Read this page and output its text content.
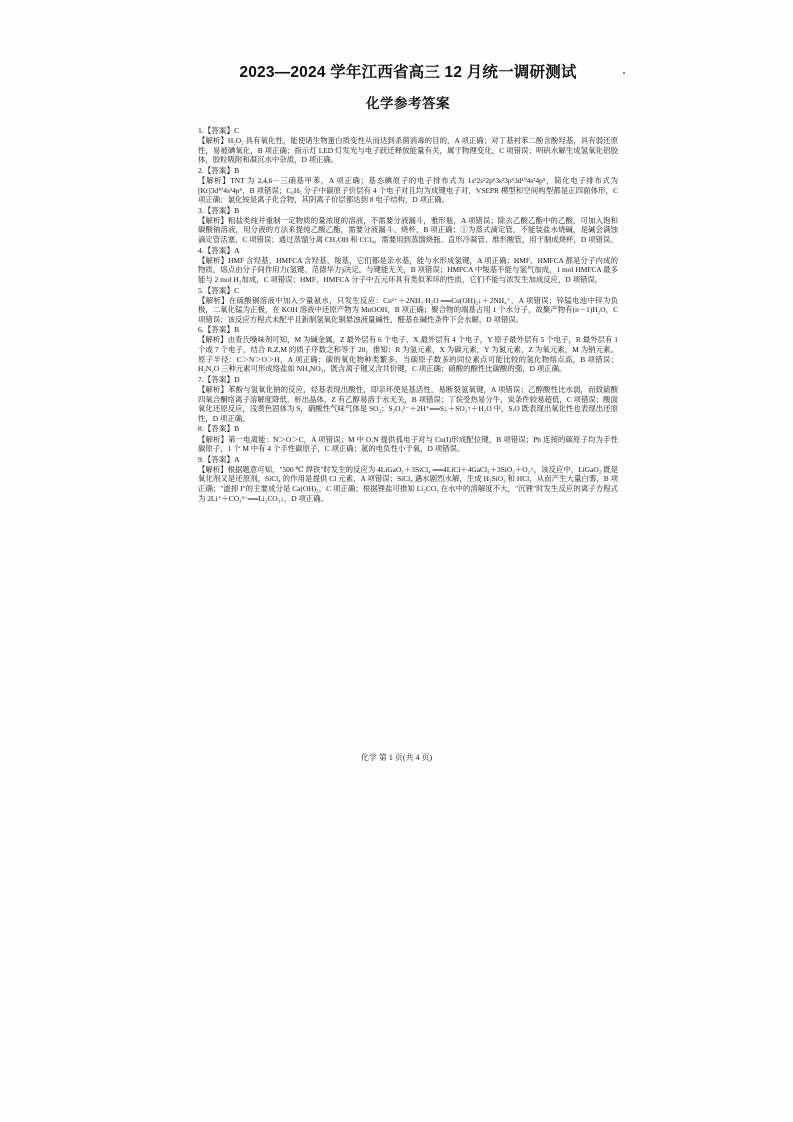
2023—2024 学年江西省高三 12 月统一调研测试
化学参考答案

1.【答案】C

【解析】H₂O₂ 具有氧化性，能使诸生物蛋白质变性从而达到杀菌消毒的目的，A 项正确；对丁基衬苯二酚含酚羟基，具有弱还原性，易被碘氧化，B 项正确；指示灯 LED 灯发光与电子跃迁释放能量有关，属于物理变化，C 项错误；明矾水解生成氢氧化铝胶体，胶粒吸附和凝沉水中杂质，D 项正确。

2.【答案】B

【解析】TNT 为 2,4,6－三硝基甲苯，A 项正确；基态碘原子的电子排布式为 1s²2s²2p⁶3s²3p⁶3d¹⁰4s²4p⁵，简化电子排布式为[Kr]3d¹⁰4s²4p⁵，B 项错误；C₆H₅ 分子中碳原子价层有 4 个电子对且均为成键电子对，VSEPR 模型和空间构型都是正四面体形，C 项正确；氯化铵是离子化合物，其阴离子价层都达到 8 电子结构，D 项正确。

3.【答案】B

【解析】粗盐类纯并重制一定物质的量浓度的溶液，不需要分液漏斗，雅形瓶，A 项错误；除去乙酸乙酯中的乙酸，可加入饱和碳酸钠溶液，用分液的方法来提纯乙酸乙酯，需要分液漏斗、烧杯，B 项正确；①为蒸式滴定管，不能装盐水烧碱，是碱会满蚀滴定管活塞，C 项错误；通过蒸馏分离 CH₃OH 和 CCl₄，需要用到蒸馏烧瓶、直形冷凝管、维形酸管，用于制成烧杯，D 项错误。

4.【答案】A

【解析】HMF 含羟基、HMFCA 含羟基、羧基，它们都是亲水基，能与水形成氢键，A 项正确；HMF、HMFCA 都是分子内成的物质，熔点由分子间作用力(氢键、范德华力)决定，与键能无关，B 项错误；HMFCA 中羧基不能与氢气加成，1 mol HMFCA 最多能与 2 mol H₂加成，C 项错误；HMF、HMFCA 分子中五元环具有类似苯环的性质，它们不能与浓发生加成反应，D 项错误。

5.【答案】C

【解析】在硫酸铜溶液中加入少量氨水，只发生反应：Cu²⁺＋2NH₃·H₂O ══Cu(OH)₂↓＋2NH₄⁺，A 项错误；锌锰电池中锌为负极，二氧化锰为正极，在 KOH 溶液中还原产物为 MnOOH，B 项正确；聚合物的端基占用 1 个水分子，故聚产物有(n－1)H₂O，C 项错误；该反应方程式未配平且新制氢氧化铜悬浊液量碱性，醛基在碱性条件下会水解，D 项错误。

6.【答案】B

【解析】由查氏噪味剂可知，M 为碱金属，Z 最外层有 6 个电子、X 最外层有 4 个电子，Y 原子最外层有 5 个电子，R 最外层有 1 个或 7 个电子，结合 R,Z,M 的质子序数之和等于 20，推知：R 为氢元素，X 为碳元素，Y 为氮元素，Z 为氧元素，M 为钠元素。原子半径：C＞N＞O＞H，A 项正确；碳的氧化物种类繁多，当碳原子数多的同位素点可能比较的氢化物熔点高，B 项错误；H₂N₂O 三种元素可形成络盐如 NH₄NO₃，既含离子键又含共价键，C 项正确；硝酸的酸性比碳酸的强，D 项正确。

7.【答案】D

【解析】苯酚与氢氧化钠的反应，烃基表现出酸性，即亲环使是基活性，易断裂氢氧键，A 项错误；乙醇酸性比水弱，而致硫酸四氧合酮络离子溶解度降低，析出晶体，Z 有乙醇易溶于水无关，B 项错误；丁烷受热易分牛，炭条件较易超低，C 项错误；酸面氧化还原反应，浅黄色固体为 S，硝酸性气味气体是 SO₂；S₂O₃²⁻＋2H⁺══S↓＋SO₂↑＋H₂O 中，S,O 既表现出氧化性也表现出还原性，D 项正确。

8.【答案】B

【解析】第一电离能：N＞O＞C，A 项错误；M 中 O,N 提供孤电子对与 Cu(I)形成配位键，B 项错误；Pb 连接的碳原子均为手性碳原子，1 个 M 中有 4 个手性碳原子，C 项正确；氮的电负性小于氧，D 项错误。

9.【答案】A

【解析】根据题意可知，"500 ℃ 焊铁"时发生的反应为 4LiGaO₂＋3SiCl₄ ══4LiCl＋4GaCl₃＋3SiO₂＋O₂↑，该反应中，LiGaO₂ 既是氧化剂又是还原剂，SiCl₄ 的作用是提供 Cl 元素，A 项错误；SiCl₄ 遇水剧烈水解，生成 H₂SiO₃ 和 HCl，从而产生大量白雾，B 项正确；"滤掉 I"的主要成分是 Ca(OH)₂，C 项正确；根据锂盐可推知 Li₂CO₃ 在水中的溶解度不大，"沉锂"时发生反应的离子方程式为 2Li⁺＋CO₃²⁻══Li₂CO₃↓，D 项正确。

化学 第 1 页(共 4 页)
